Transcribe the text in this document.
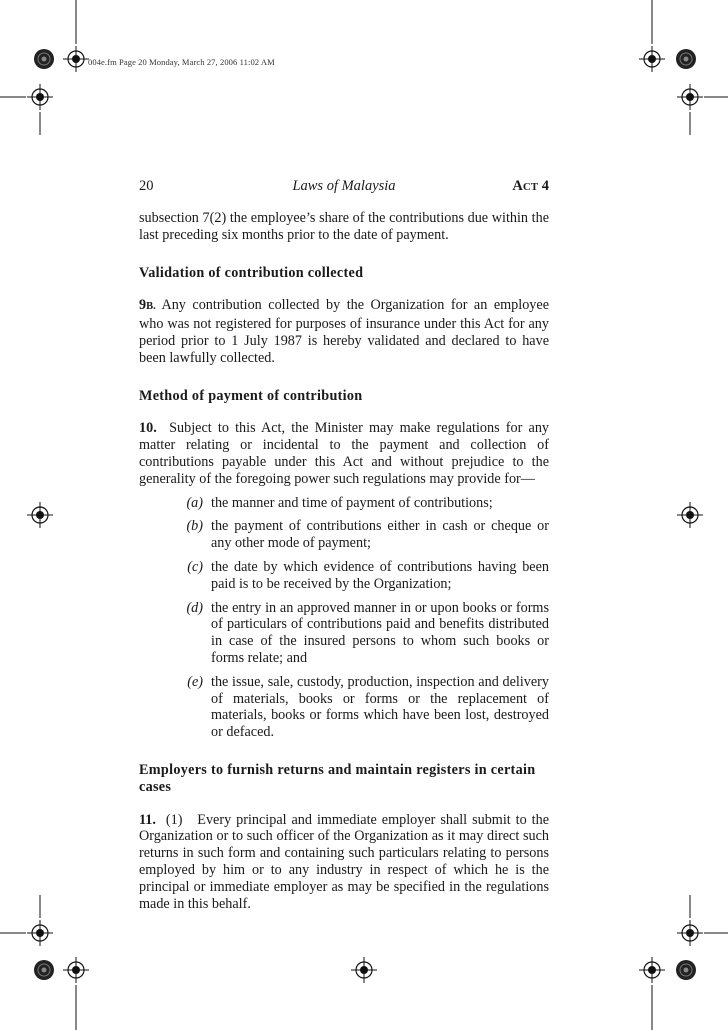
004e.fm Page 20 Monday, March 27, 2006 11:02 AM
20	Laws of Malaysia	ACT 4

subsection 7(2) the employee’s share of the contributions due within the last preceding six months prior to the date of payment.

Validation of contribution collected

9B. Any contribution collected by the Organization for an employee who was not registered for purposes of insurance under this Act for any period prior to 1 July 1987 is hereby validated and declared to have been lawfully collected.

Method of payment of contribution

10. Subject to this Act, the Minister may make regulations for any matter relating or incidental to the payment and collection of contributions payable under this Act and without prejudice to the generality of the foregoing power such regulations may provide for—

(a) the manner and time of payment of contributions;
(b) the payment of contributions either in cash or cheque or any other mode of payment;
(c) the date by which evidence of contributions having been paid is to be received by the Organization;
(d) the entry in an approved manner in or upon books or forms of particulars of contributions paid and benefits distributed in case of the insured persons to whom such books or forms relate; and
(e) the issue, sale, custody, production, inspection and delivery of materials, books or forms or the replacement of materials, books or forms which have been lost, destroyed or defaced.

Employers to furnish returns and maintain registers in certain cases

11. (1) Every principal and immediate employer shall submit to the Organization or to such officer of the Organization as it may direct such returns in such form and containing such particulars relating to persons employed by him or to any industry in respect of which he is the principal or immediate employer as may be specified in the regulations made in this behalf.
